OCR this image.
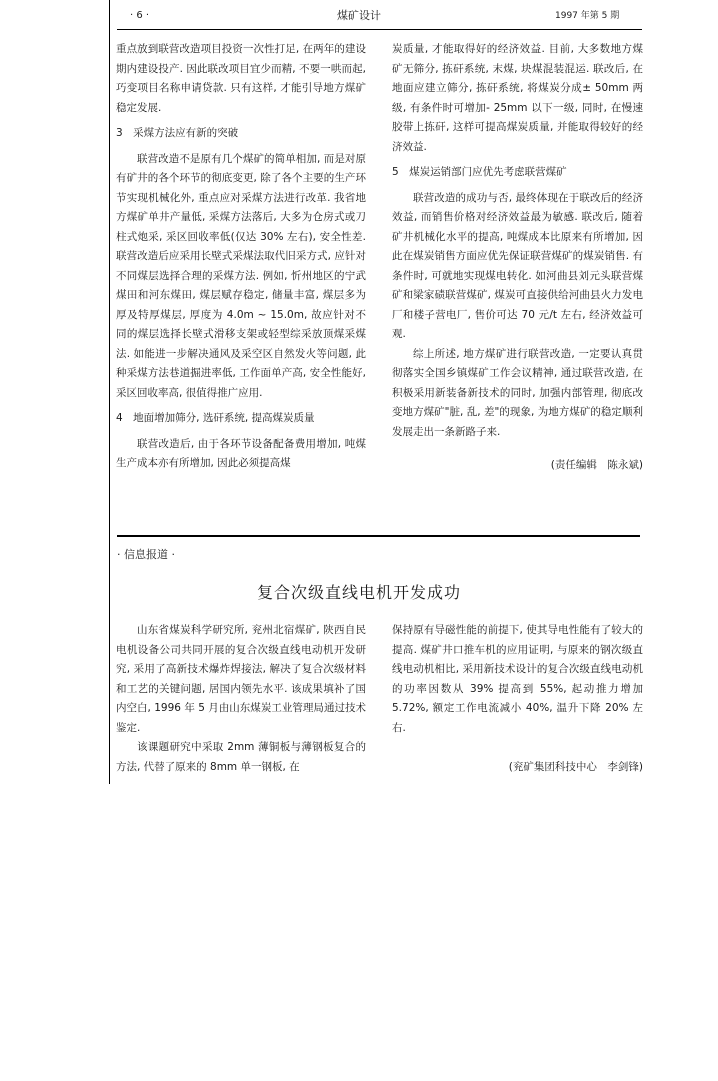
· 6 ·	煤矿设计	1997 年第 5 期

重点放到联营改造项目投资一次性打足, 在两年的建设期内建设投产. 因此联改项目宜少而精, 不要一哄而起, 巧变项目名称申请贷款. 只有这样, 才能引导地方煤矿稳定发展.

3　采煤方法应有新的突破

联营改造不是原有几个煤矿的简单相加, 而是对原有矿井的各个环节的彻底变更, 除了各个主要的生产环节实现机械化外, 重点应对采煤方法进行改革. 我省地方煤矿单井产量低, 采煤方法落后, 大多为仓房式或刀柱式炮采, 采区回收率低(仅达 30% 左右), 安全性差. 联营改造后应采用长壁式采煤法取代旧采方式, 应针对不同煤层选择合理的采煤方法. 例如, 忻州地区的宁武煤田和河东煤田, 煤层赋存稳定, 储量丰富, 煤层多为厚及特厚煤层, 厚度为 4.0m ~ 15.0m, 故应针对不同的煤层选择长壁式滑移支架或轻型综采放顶煤采煤法. 如能进一步解决通风及采空区自然发火等问题, 此种采煤方法巷道掘进率低, 工作面单产高, 安全性能好, 采区回收率高, 很值得推广应用.

4　地面增加筛分, 选矸系统, 提高煤炭质量

联营改造后, 由于各环节设备配备费用增加, 吨煤生产成本亦有所增加, 因此必须提高煤

炭质量, 才能取得好的经济效益. 目前, 大多数地方煤矿无筛分, 拣矸系统, 末煤, 块煤混装混运. 联改后, 在地面应建立筛分, 拣矸系统, 将煤炭分成± 50mm 两级, 有条件时可增加- 25mm 以下一级, 同时, 在慢速胶带上拣矸, 这样可提高煤炭质量, 并能取得较好的经济效益.

5　煤炭运销部门应优先考虑联营煤矿

联营改造的成功与否, 最终体现在于联改后的经济效益, 而销售价格对经济效益最为敏感. 联改后, 随着矿井机械化水平的提高, 吨煤成本比原来有所增加, 因此在煤炭销售方面应优先保证联营煤矿的煤炭销售. 有条件时, 可就地实现煤电转化. 如河曲县刘元头联营煤矿和梁家碛联营煤矿, 煤炭可直接供给河曲县火力发电厂和楼子营电厂, 售价可达 70 元/t 左右, 经济效益可观.

综上所述, 地方煤矿进行联营改造, 一定要认真贯彻落实全国乡镇煤矿工作会议精神, 通过联营改造, 在积极采用新装备新技术的同时, 加强内部管理, 彻底改变地方煤矿"脏, 乱, 差"的现象, 为地方煤矿的稳定顺利发展走出一条新路子来.

(责任编辑　陈永斌)

· 信息报道 ·
复合次级直线电机开发成功

山东省煤炭科学研究所, 兖州北宿煤矿, 陕西自民电机设备公司共同开展的复合次级直线电动机开发研究, 采用了高新技术爆炸焊接法, 解决了复合次级材料和工艺的关键问题, 居国内领先水平. 该成果填补了国内空白, 1996 年 5 月由山东煤炭工业管理局通过技术鉴定.

该课题研究中采取 2mm 薄铜板与薄钢板复合的方法, 代替了原来的 8mm 单一钢板, 在

保持原有导磁性能的前提下, 使其导电性能有了较大的提高. 煤矿井口推车机的应用证明, 与原来的钢次级直线电动机相比, 采用新技术设计的复合次级直线电动机的功率因数从 39% 提高到 55%, 起动推力增加 5.72%, 额定工作电流减小 40%, 温升下降 20% 左右.

(兖矿集团科技中心　李剑锋)
